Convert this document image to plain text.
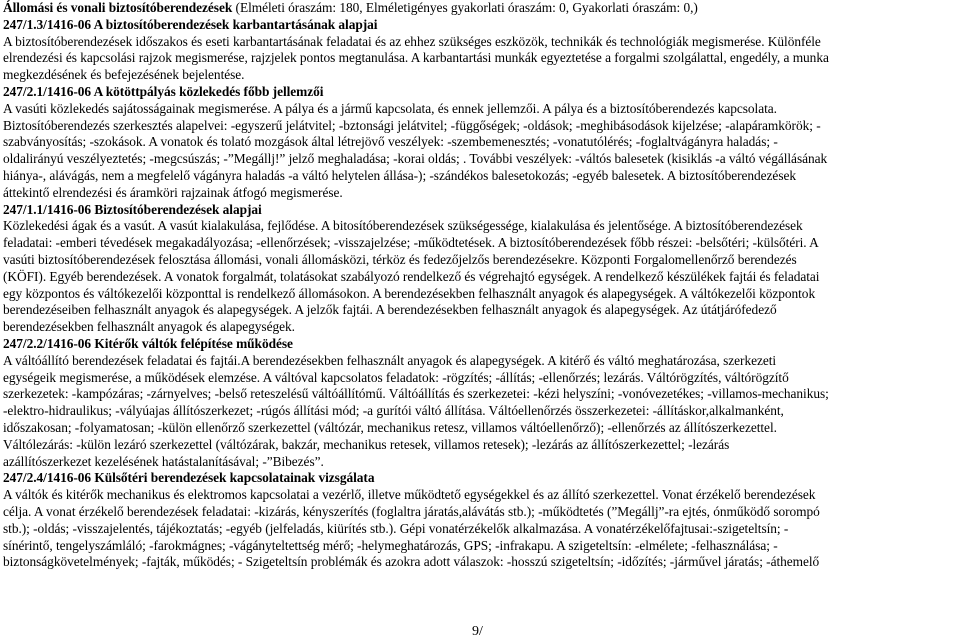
Állomási és vonali biztosítóberendezések (Elméleti óraszám: 180, Elméletigényes gyakorlati óraszám: 0, Gyakorlati óraszám: 0,)
247/1.3/1416-06 A biztosítóberendezések karbantartásának alapjai
A biztosítóberendezések időszakos és eseti karbantartásának feladatai és az ehhez szükséges eszközök, technikák és technológiák megismerése. Különféle
elrendezési és kapcsolási rajzok megismerése, rajzjelek pontos megtanulása. A karbantartási munkák egyeztetése a forgalmi szolgálattal, engedély, a munka
megkezdésének és befejezésének bejelentése.
247/2.1/1416-06 A kötöttpályás közlekedés főbb jellemzői
A vasúti közlekedés sajátosságainak megismerése. A pálya és a jármű kapcsolata, és ennek jellemzői. A pálya és a biztosítóberendezés kapcsolata.
Biztosítóberendezés szerkesztés alapelvei: -egyszerű jelátvitel; -bztonsági jelátvitel; -függőségek; -oldások; -meghibásodások kijelzése; -alapáramkörök; -
szabványosítás; -szokások. A vonatok és tolató mozgások által létrejövő veszélyek: -szembemenesztés; -vonatutólérés; -foglaltvágányra haladás; -
oldalirányú veszélyeztetés; -megcsúszás; -”Megállj!” jelző meghaladása; -korai oldás; . További veszélyek: -váltós balesetek (kisiklás -a váltó végállásának
hiánya-, alávágás, nem a megfelelő vágányra haladás -a váltó helytelen állása-); -szándékos balesetokozás; -egyéb balesetek. A biztosítóberendezések
áttekintő elrendezési és áramköri rajzainak átfogó megismerése.
247/1.1/1416-06 Biztosítóberendezések alapjai
Közlekedési ágak és a vasút. A vasút kialakulása, fejlődése. A bitosítóberendezések szükségessége, kialakulása és jelentősége. A biztosítóberendezések
feladatai: -emberi tévedések megakadályozása; -ellenőrzések; -visszajelzése; -működtetések. A biztosítóberendezések főbb részei: -belsőtéri; -külsőtéri. A
vasúti biztosítóberendezések felosztása állomási, vonali állomásközi, térköz és fedezőjelzős berendezésekre. Központi Forgalomellenőrző berendezés
(KÖFI). Egyéb berendezések. A vonatok forgalmát, tolatásokat szabályozó rendelkező és végrehajtó egységek. A rendelkező készülékek fajtái és feladatai
egy központos és váltókezelői központtal is rendelkező állomásokon. A berendezésekben felhasznált anyagok és alapegységek. A váltókezelői központok
berendezéseiben felhasznált anyagok és alapegységek. A jelzők fajtái. A berendezésekben felhasznált anyagok és alapegységek. Az útátjárófedező
berendezésekben felhasznált anyagok és alapegységek.
247/2.2/1416-06 Kitérők váltók felépítése működése
A váltóállító berendezések feladatai és fajtái.A berendezésekben felhasznált anyagok és alapegységek. A kitérő és váltó meghatározása, szerkezeti
egységeik megismerése, a működések elemzése. A váltóval kapcsolatos feladatok: -rögzítés; -állítás; -ellenőrzés; lezárás. Váltórögzítés, váltórögzítő
szerkezetek: -kampózáras; -zárnyelves; -belső reteszelésű váltóállítómű. Váltóállítás és szerkezetei: -kézi helyszíni; -vonóvezetékes; -villamos-mechanikus;
-elektro-hidraulikus; -vályúajas állítószerkezet; -rúgós állítási mód; -a gurítói váltó állítása. Váltóellenőrzés összerkezetei: -állításkor,alkalmanként,
időszakosan; -folyamatosan; -külön ellenőrző szerkezettel (váltózár, mechanikus retesz, villamos váltóellenőrző); -ellenőrzés az állítószerkezettel.
Váltólezárás: -külön lezáró szerkezettel (váltózárak, bakzár, mechanikus retesek, villamos retesek); -lezárás az állítószerkezettel; -lezárás
azállítószerkezet kezelésének hatástalanításával; -”Bibezés”.
247/2.4/1416-06 Külsőtéri berendezések kapcsolatainak vizsgálata
A váltók és kitérők mechanikus és elektromos kapcsolatai a vezérlő, illetve működtető egységekkel és az állító szerkezettel. Vonat érzékelő berendezések
célja. A vonat érzékelő berendezések feladatai: -kizárás, kényszerítés (foglaltra járatás,alávátás stb.); -működtetés (”Megállj”-ra ejtés, ónműködő sorompó
stb.); -oldás; -visszajelentés, tájékoztatás; -egyéb (jelfeladás, kiürítés stb.). Gépi vonatérzékelők alkalmazása. A vonatérzékelőfajtusai:-szigeteltsín; -
sínérintő, tengelyszámláló; -farokmágnes; -vágányteltettség mérő; -helymeghatározás, GPS; -infrakapu. A szigeteltsín: -elmélete; -felhasználása; -
biztonságkövetelmények; -fajták, működés; - Szigeteltsín problémák és azokra adott válaszok: -hosszú szigeteltsín; -időzítés; -járművel járatás; -áthemelő
9/
